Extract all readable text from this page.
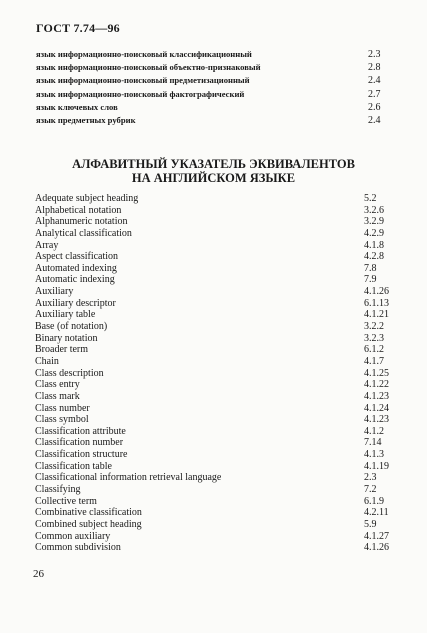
ГОСТ 7.74—96
язык информационно-поисковый классификационный	2.3
язык информационно-поисковый объектно-признаковый	2.8
язык информационно-поисковый предметизационный	2.4
язык информационно-поисковый фактографический	2.7
язык ключевых слов	2.6
язык предметных рубрик	2.4
АЛФАВИТНЫЙ УКАЗАТЕЛЬ ЭКВИВАЛЕНТОВ
НА АНГЛИЙСКОМ ЯЗЫКЕ
Adequate subject heading	5.2
Alphabetical notation	3.2.6
Alphanumeric notation	3.2.9
Analytical classification	4.2.9
Array	4.1.8
Aspect classification	4.2.8
Automated indexing	7.8
Automatic indexing	7.9
Auxiliary	4.1.26
Auxiliary descriptor	6.1.13
Auxiliary table	4.1.21
Base (of notation)	3.2.2
Binary notation	3.2.3
Broader term	6.1.2
Chain	4.1.7
Class description	4.1.25
Class entry	4.1.22
Class mark	4.1.23
Class number	4.1.24
Class symbol	4.1.23
Classification attribute	4.1.2
Classification number	7.14
Classification structure	4.1.3
Classification table	4.1.19
Classificational information retrieval language	2.3
Classifying	7.2
Collective term	6.1.9
Combinative classification	4.2.11
Combined subject heading	5.9
Common auxiliary	4.1.27
Common subdivision	4.1.26
26
